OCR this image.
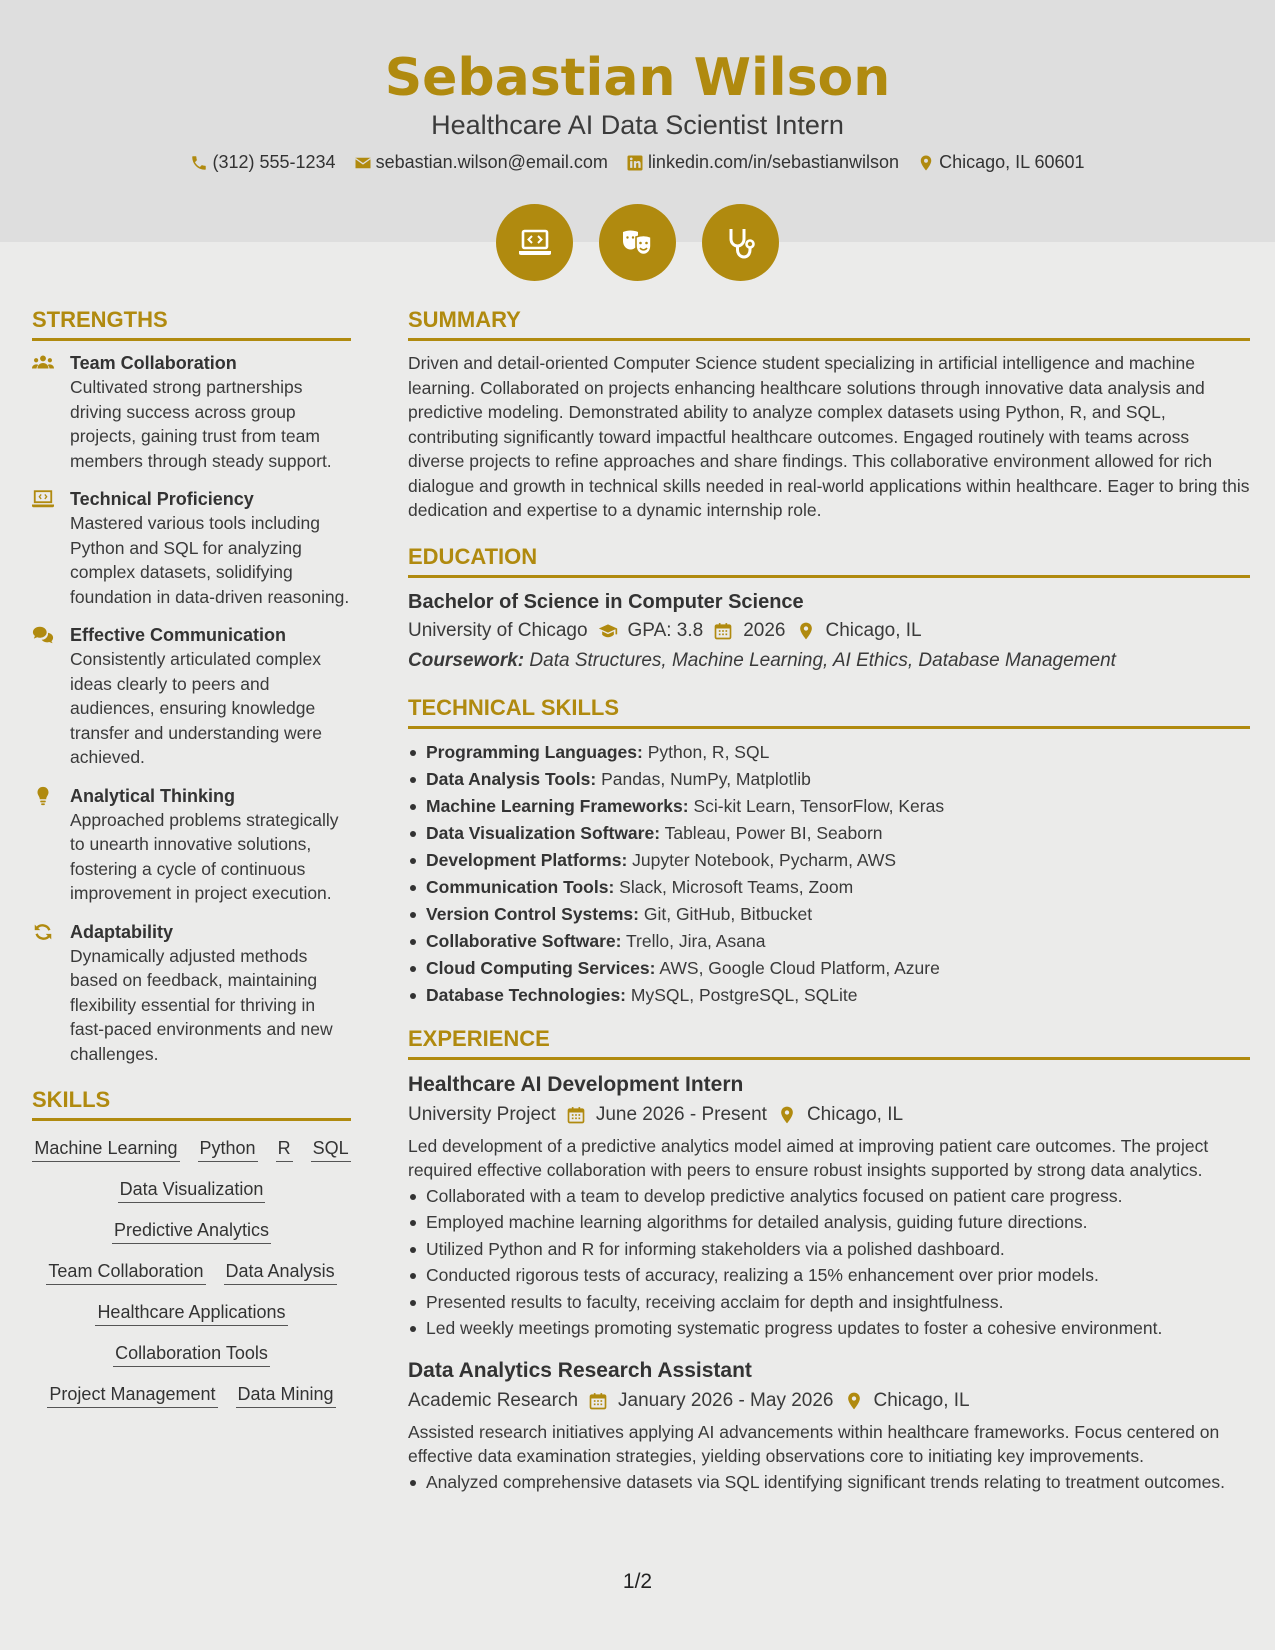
Sebastian Wilson
Healthcare AI Data Scientist Intern
(312) 555-1234 sebastian.wilson@email.com linkedin.com/in/sebastianwilson Chicago, IL 60601
STRENGTHS
Team Collaboration

Cultivated strong partnerships driving success across group projects, gaining trust from team members through steady support.

Technical Proficiency

Mastered various tools including Python and SQL for analyzing complex datasets, solidifying foundation in data-driven reasoning.

Effective Communication

Consistently articulated complex ideas clearly to peers and audiences, ensuring knowledge transfer and understanding were achieved.

Analytical Thinking

Approached problems strategically to unearth innovative solutions, fostering a cycle of continuous improvement in project execution.

Adaptability

Dynamically adjusted methods based on feedback, maintaining flexibility essential for thriving in fast-paced environments and new challenges.

SKILLS
Machine Learning Python R SQL
Data Visualization
Predictive Analytics
Team Collaboration Data Analysis
Healthcare Applications
Collaboration Tools
Project Management Data Mining
SUMMARY

Driven and detail-oriented Computer Science student specializing in artificial intelligence and machine learning. Collaborated on projects enhancing healthcare solutions through innovative data analysis and predictive modeling. Demonstrated ability to analyze complex datasets using Python, R, and SQL, contributing significantly toward impactful healthcare outcomes. Engaged routinely with teams across diverse projects to refine approaches and share findings. This collaborative environment allowed for rich dialogue and growth in technical skills needed in real-world applications within healthcare. Eager to bring this dedication and expertise to a dynamic internship role.

EDUCATION
Bachelor of Science in Computer Science
University of Chicago GPA: 3.8 2026 Chicago, IL
Coursework: Data Structures, Machine Learning, AI Ethics, Database Management
TECHNICAL SKILLS
Programming Languages: Python, R, SQL
Data Analysis Tools: Pandas, NumPy, Matplotlib
Machine Learning Frameworks: Sci-kit Learn, TensorFlow, Keras
Data Visualization Software: Tableau, Power BI, Seaborn
Development Platforms: Jupyter Notebook, Pycharm, AWS
Communication Tools: Slack, Microsoft Teams, Zoom
Version Control Systems: Git, GitHub, Bitbucket
Collaborative Software: Trello, Jira, Asana
Cloud Computing Services: AWS, Google Cloud Platform, Azure
Database Technologies: MySQL, PostgreSQL, SQLite
EXPERIENCE
Healthcare AI Development Intern
University Project June 2026 - Present Chicago, IL

Led development of a predictive analytics model aimed at improving patient care outcomes. The project required effective collaboration with peers to ensure robust insights supported by strong data analytics.

Collaborated with a team to develop predictive analytics focused on patient care progress.
Employed machine learning algorithms for detailed analysis, guiding future directions.
Utilized Python and R for informing stakeholders via a polished dashboard.
Conducted rigorous tests of accuracy, realizing a 15% enhancement over prior models.
Presented results to faculty, receiving acclaim for depth and insightfulness.
Led weekly meetings promoting systematic progress updates to foster a cohesive environment.
Data Analytics Research Assistant
Academic Research January 2026 - May 2026 Chicago, IL

Assisted research initiatives applying AI advancements within healthcare frameworks. Focus centered on effective data examination strategies, yielding observations core to initiating key improvements.

Analyzed comprehensive datasets via SQL identifying significant trends relating to treatment outcomes.
1/2
